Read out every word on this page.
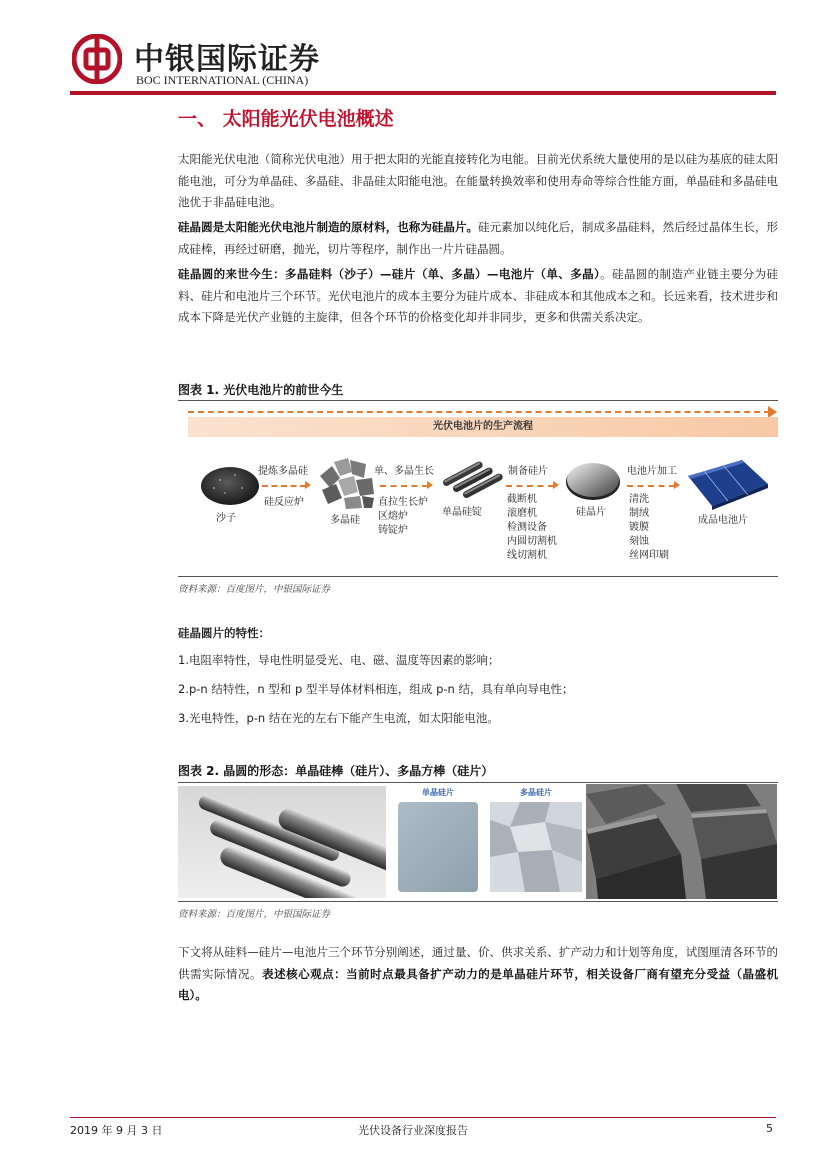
中银国际证券
BOC INTERNATIONAL (CHINA)
一、 太阳能光伏电池概述
太阳能光伏电池（简称光伏电池）用于把太阳的光能直接转化为电能。目前光伏系统大量使用的是以硅为基底的硅太阳能电池，可分为单晶硅、多晶硅、非晶硅太阳能电池。在能量转换效率和使用寿命等综合性能方面，单晶硅和多晶硅电池优于非晶硅电池。
硅晶圆是太阳能光伏电池片制造的原材料，也称为硅晶片。硅元素加以纯化后，制成多晶硅料，然后经过晶体生长，形成硅棒，再经过研磨，抛光，切片等程序，制作出一片片硅晶圆。
硅晶圆的来世今生：多晶硅料（沙子）—硅片（单、多晶）—电池片（单、多晶）。硅晶圆的制造产业链主要分为硅料、硅片和电池片三个环节。光伏电池片的成本主要分为硅片成本、非硅成本和其他成本之和。长远来看，技术进步和成本下降是光伏产业链的主旋律，但各个环节的价格变化却并非同步，更多和供需关系决定。
图表 1. 光伏电池片的前世今生
光伏电池片的生产流程
沙子
提炼多晶硅
硅反应炉
多晶硅
单、多晶生长
直拉生长炉
区熔炉
铸锭炉
单晶硅锭
制备硅片
截断机
滚磨机
检测设备
内圆切割机
线切割机
硅晶片
电池片加工
清洗
制绒
镀膜
刻蚀
丝网印刷
成品电池片
资料来源：百度图片，中银国际证券
硅晶圆片的特性：
1.电阻率特性，导电性明显受光、电、磁、温度等因素的影响；
2.p-n 结特性，n 型和 p 型半导体材料相连，组成 p-n 结，具有单向导电性；
3.光电特性，p-n 结在光的左右下能产生电流，如太阳能电池。
图表 2. 晶圆的形态：单晶硅棒（硅片）、多晶方棒（硅片）
单晶硅片	多晶硅片
资料来源：百度图片，中银国际证券
下文将从硅料—硅片—电池片三个环节分别阐述，通过量、价、供求关系、扩产动力和计划等角度，试图厘清各环节的供需实际情况。表述核心观点：当前时点最具备扩产动力的是单晶硅片环节，相关设备厂商有望充分受益（晶盛机电）。
2019 年 9 月 3 日	光伏设备行业深度报告	5
